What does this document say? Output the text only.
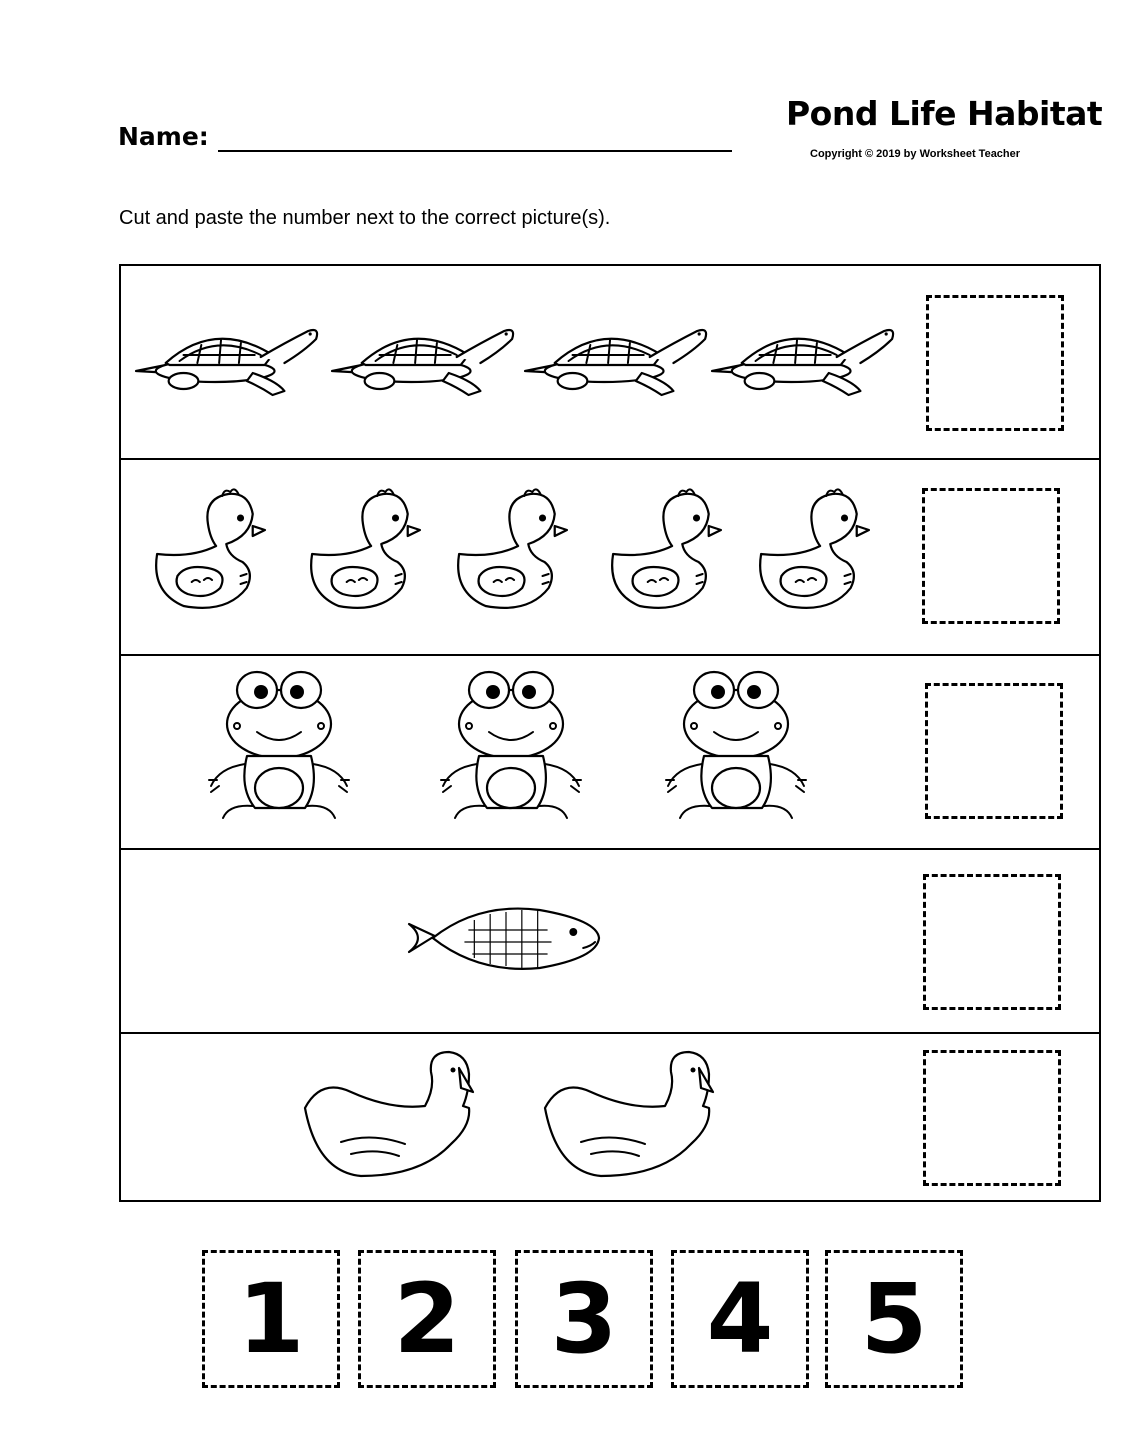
Name:
Pond Life Habitat
Copyright © 2019 by Worksheet Teacher
Cut and paste the number next to the correct picture(s).
1 2 3 4 5
